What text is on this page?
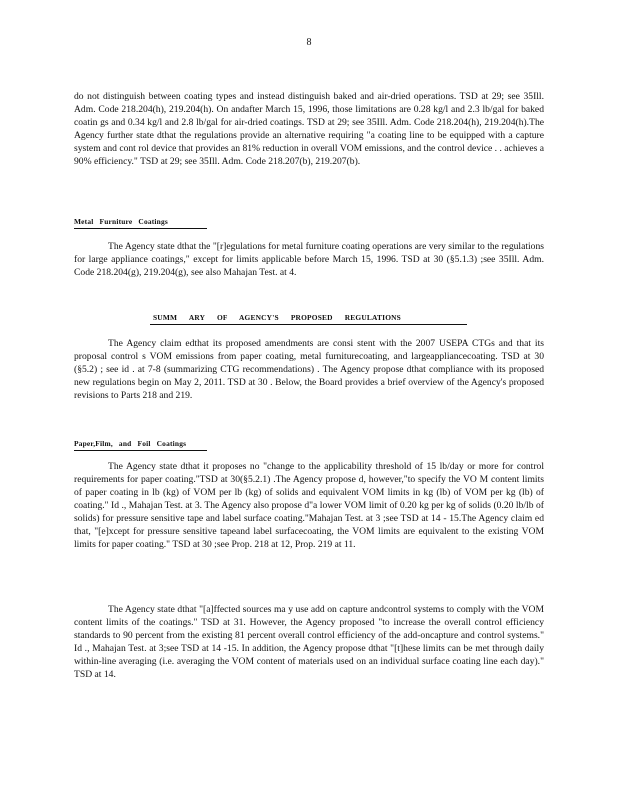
8
do not distinguish between coating types and instead distinguish baked and air-dried operations. TSD at 29; see 35Ill. Adm. Code 218.204(h), 219.204(h). On andafter March 15, 1996, those limitations are 0.28 kg/l and 2.3 lb/gal for baked coatin gs and 0.34 kg/l and 2.8 lb/gal for air-dried coatings. TSD at 29; see 35Ill. Adm. Code 218.204(h), 219.204(h).The Agency further state dthat the regulations provide an alternative requiring "a coating line to be equipped with a capture system and cont rol device that provides an 81% reduction in overall VOM emissions, and the control device . . achieves a 90% efficiency." TSD at 29; see 35Ill. Adm. Code 218.207(b), 219.207(b).
Metal Furniture Coatings
The Agency state dthat the "[r]egulations for metal furniture coating operations are very similar to the regulations for large appliance coatings," except for limits applicable before March 15, 1996. TSD at 30 (§5.1.3) ;see 35Ill. Adm. Code 218.204(g), 219.204(g), see also Mahajan Test. at 4.
SUMM ARY OF AGENCY'S PROPOSED REGULATIONS
The Agency claim edthat its proposed amendments are consi stent with the 2007 USEPA CTGs and that its proposal control s VOM emissions from paper coating, metal furniturecoating, and largeappliancecoating. TSD at 30 (§5.2) ; see id . at 7-8 (summarizing CTG recommendations) . The Agency propose dthat compliance with its proposed new regulations begin on May 2, 2011. TSD at 30 . Below, the Board provides a brief overview of the Agency's proposed revisions to Parts 218 and 219.
Paper,Film, and Foil Coatings
The Agency state dthat it proposes no "change to the applicability threshold of 15 lb/day or more for control requirements for paper coating."TSD at 30(§5.2.1) .The Agency propose d, however,"to specify the VO M content limits of paper coating in lb (kg) of VOM per lb (kg) of solids and equivalent VOM limits in kg (lb) of VOM per kg (lb) of coating." Id ., Mahajan Test. at 3. The Agency also propose d"a lower VOM limit of 0.20 kg per kg of solids (0.20 lb/lb of solids) for pressure sensitive tape and label surface coating."Mahajan Test. at 3 ;see TSD at 14 - 15.The Agency claim ed that, "[e]xcept for pressure sensitive tapeand label surfacecoating, the VOM limits are equivalent to the existing VOM limits for paper coating." TSD at 30 ;see Prop. 218 at 12, Prop. 219 at 11.
The Agency state dthat "[a]ffected sources ma y use add on capture andcontrol systems to comply with the VOM content limits of the coatings." TSD at 31. However, the Agency proposed "to increase the overall control efficiency standards to 90 percent from the existing 81 percent overall control efficiency of the add-oncapture and control systems." Id ., Mahajan Test. at 3;see TSD at 14 -15. In addition, the Agency propose dthat "[t]hese limits can be met through daily within-line averaging (i.e. averaging the VOM content of materials used on an individual surface coating line each day)." TSD at 14.
